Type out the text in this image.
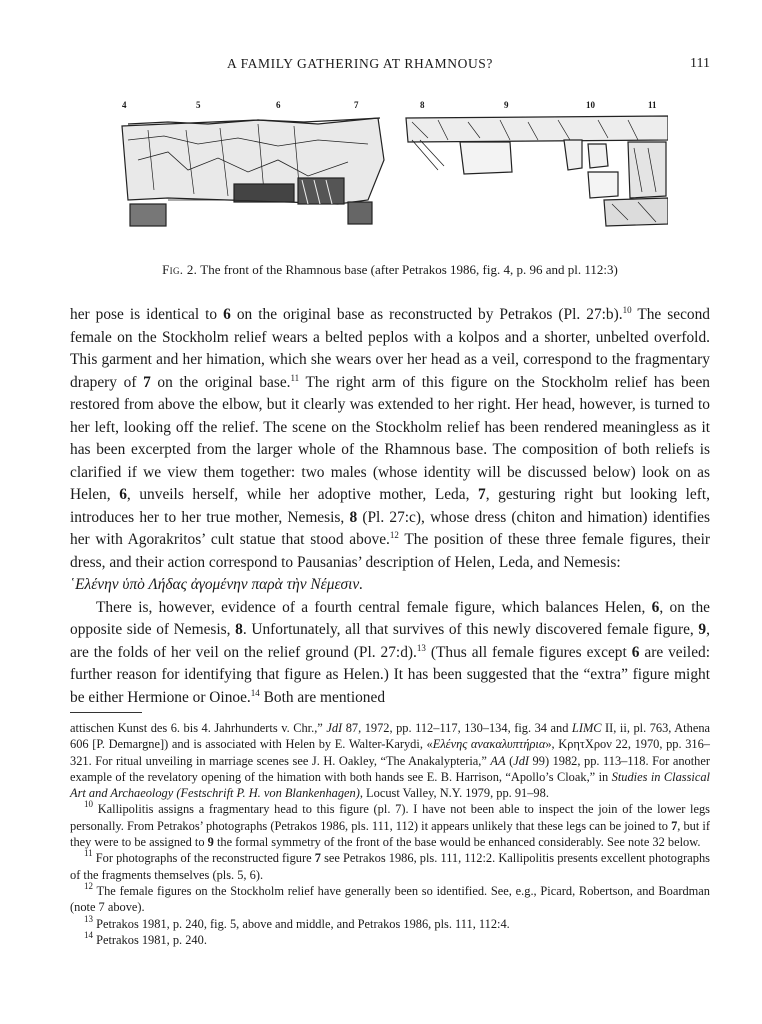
A FAMILY GATHERING AT RHAMNOUS?	111
4	5	6	7	8	9	10	11
Fig. 2. The front of the Rhamnous base (after Petrakos 1986, fig. 4, p. 96 and pl. 112:3)

her pose is identical to 6 on the original base as reconstructed by Petrakos (Pl. 27:b).$^{10}$ The second female on the Stockholm relief wears a belted peplos with a kolpos and a shorter, unbelted overfold. This garment and her himation, which she wears over her head as a veil, correspond to the fragmentary drapery of 7 on the original base.$^{11}$ The right arm of this figure on the Stockholm relief has been restored from above the elbow, but it clearly was extended to her right. Her head, however, is turned to her left, looking off the relief. The scene on the Stockholm relief has been rendered meaningless as it has been excerpted from the larger whole of the Rhamnous base. The composition of both reliefs is clarified if we view them together: two males (whose identity will be discussed below) look on as Helen, 6, unveils herself, while her adoptive mother, Leda, 7, gesturing right but looking left, introduces her to her true mother, Nemesis, 8 (Pl. 27:c), whose dress (chiton and himation) identifies her with Agorakritos’ cult statue that stood above.$^{12}$ The position of these three female figures, their dress, and their action correspond to Pausanias’ description of Helen, Leda, and Nemesis:
῾Ελένην ὑπὸ Λήδας ἀγομένην παρὰ τὴν Νέμεσιν.

There is, however, evidence of a fourth central female figure, which balances Helen, 6, on the opposite side of Nemesis, 8. Unfortunately, all that survives of this newly discovered female figure, 9, are the folds of her veil on the relief ground (Pl. 27:d).$^{13}$ (Thus all female figures except 6 are veiled: further reason for identifying that figure as Helen.) It has been suggested that the “extra” figure might be either Hermione or Oinoe.$^{14}$ Both are mentioned

attischen Kunst des 6. bis 4. Jahrhunderts v. Chr.,” JdI 87, 1972, pp. 112–117, 130–134, fig. 34 and LIMC II, ii, pl. 763, Athena 606 [P. Demargne]) and is associated with Helen by E. Walter-Karydi, «Ελένης ανακαλυπτήρια», ΚρητΧρον 22, 1970, pp. 316–321. For ritual unveiling in marriage scenes see J. H. Oakley, “The Anakalypteria,” AA (JdI 99) 1982, pp. 113–118. For another example of the revelatory opening of the himation with both hands see E. B. Harrison, “Apollo’s Cloak,” in Studies in Classical Art and Archaeology (Festschrift P. H. von Blankenhagen), Locust Valley, N.Y. 1979, pp. 91–98.

$^{10}$ Kallipolitis assigns a fragmentary head to this figure (pl. 7). I have not been able to inspect the join of the lower legs personally. From Petrakos’ photographs (Petrakos 1986, pls. 111, 112) it appears unlikely that these legs can be joined to 7, but if they were to be assigned to 9 the formal symmetry of the front of the base would be enhanced considerably. See note 32 below.

$^{11}$ For photographs of the reconstructed figure 7 see Petrakos 1986, pls. 111, 112:2. Kallipolitis presents excellent photographs of the fragments themselves (pls. 5, 6).

$^{12}$ The female figures on the Stockholm relief have generally been so identified. See, e.g., Picard, Robertson, and Boardman (note 7 above).

$^{13}$ Petrakos 1981, p. 240, fig. 5, above and middle, and Petrakos 1986, pls. 111, 112:4.

$^{14}$ Petrakos 1981, p. 240.
